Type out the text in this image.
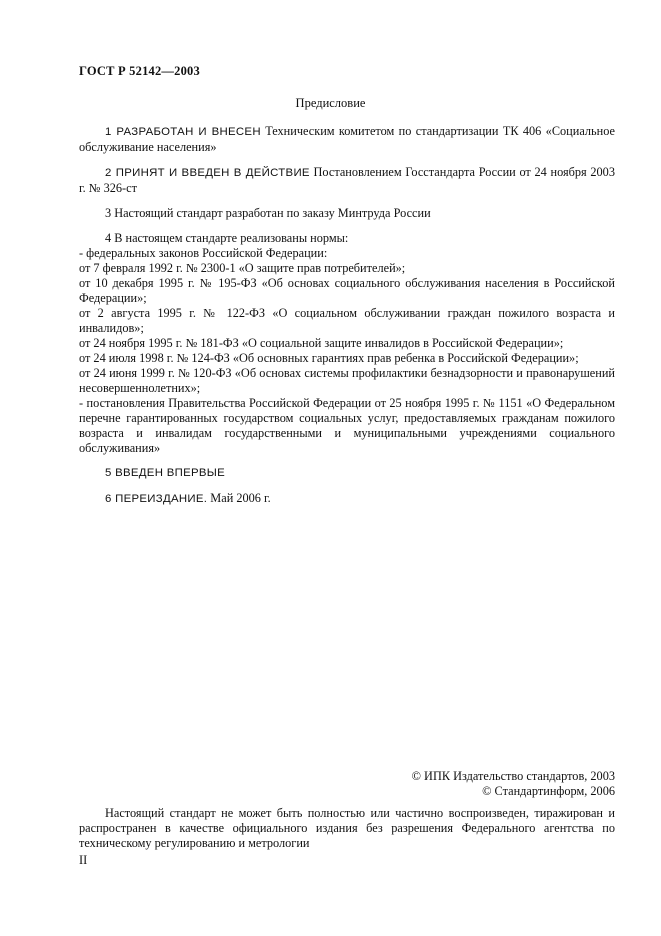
ГОСТ Р 52142—2003
Предисловие

1 РАЗРАБОТАН И ВНЕСЕН Техническим комитетом по стандартизации ТК 406 «Социальное обслуживание населения»

2 ПРИНЯТ И ВВЕДЕН В ДЕЙСТВИЕ Постановлением Госстандарта России от 24 ноября 2003 г. № 326-ст

3 Настоящий стандарт разработан по заказу Минтруда России

4 В настоящем стандарте реализованы нормы:

- федеральных законов Российской Федерации:

от 7 февраля 1992 г. № 2300-1 «О защите прав потребителей»;

от 10 декабря 1995 г. № 195-ФЗ «Об основах социального обслуживания населения в Российской Федерации»;

от 2 августа 1995 г. № 122-ФЗ «О социальном обслуживании граждан пожилого возраста и инвалидов»;

от 24 ноября 1995 г. № 181-ФЗ «О социальной защите инвалидов в Российской Федерации»;

от 24 июля 1998 г. № 124-ФЗ «Об основных гарантиях прав ребенка в Российской Федерации»;

от 24 июня 1999 г. № 120-ФЗ «Об основах системы профилактики безнадзорности и правонарушений несовершеннолетних»;

- постановления Правительства Российской Федерации от 25 ноября 1995 г. № 1151 «О Федеральном перечне гарантированных государством социальных услуг, предоставляемых гражданам пожилого возраста и инвалидам государственными и муниципальными учреждениями социального обслуживания»

5 ВВЕДЕН ВПЕРВЫЕ

6 ПЕРЕИЗДАНИЕ. Май 2006 г.

© ИПК Издательство стандартов, 2003
© Стандартинформ, 2006

Настоящий стандарт не может быть полностью или частично воспроизведен, тиражирован и распространен в качестве официального издания без разрешения Федерального агентства по техническому регулированию и метрологии

II
